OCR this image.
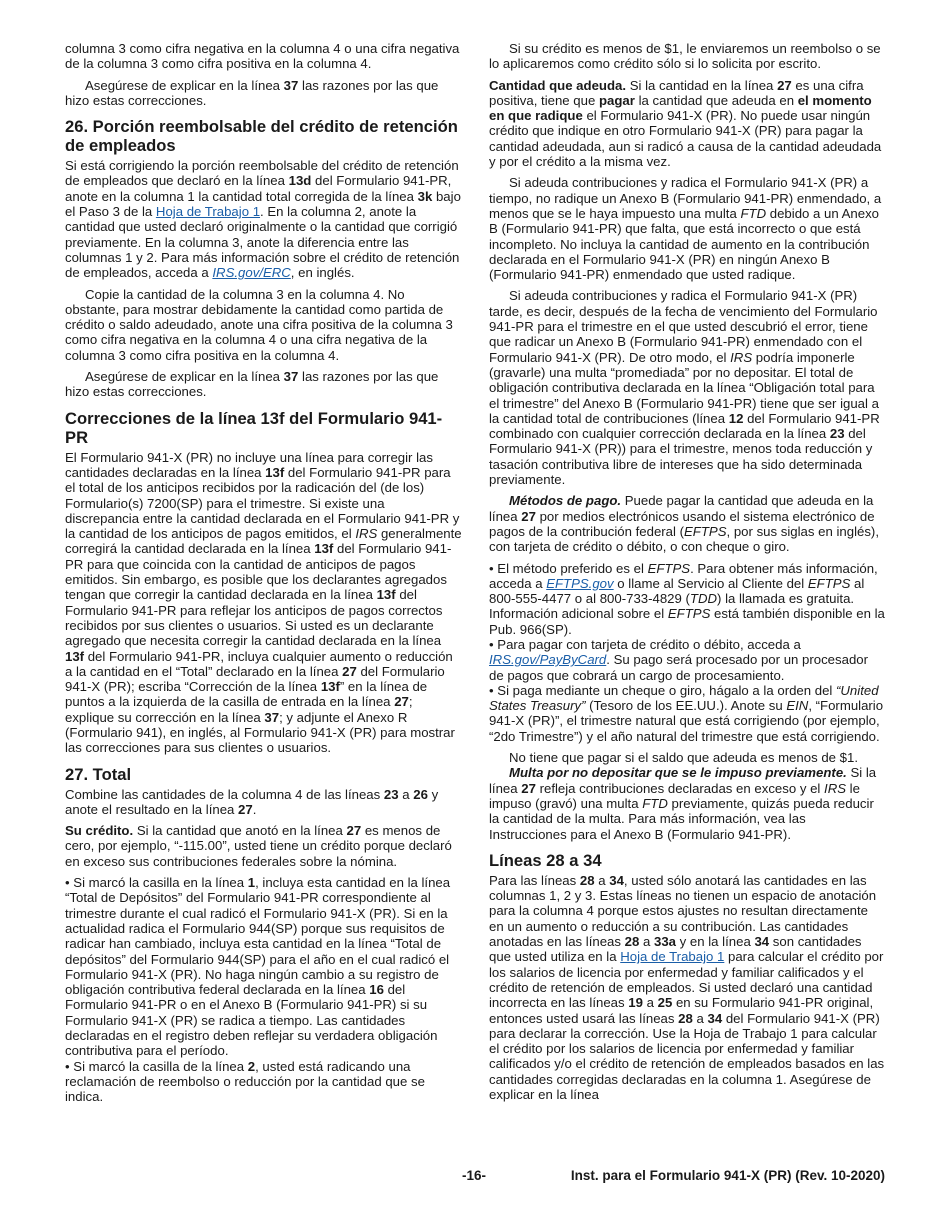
columna 3 como cifra negativa en la columna 4 o una cifra negativa de la columna 3 como cifra positiva en la columna 4.

Asegúrese de explicar en la línea 37 las razones por las que hizo estas correcciones.

26. Porción reembolsable del crédito de retención de empleados

Si está corrigiendo la porción reembolsable del crédito de retención de empleados que declaró en la línea 13d del Formulario 941-PR, anote en la columna 1 la cantidad total corregida de la línea 3k bajo el Paso 3 de la Hoja de Trabajo 1. En la columna 2, anote la cantidad que usted declaró originalmente o la cantidad que corrigió previamente. En la columna 3, anote la diferencia entre las columnas 1 y 2. Para más información sobre el crédito de retención de empleados, acceda a IRS.gov/ERC, en inglés.

Copie la cantidad de la columna 3 en la columna 4. No obstante, para mostrar debidamente la cantidad como partida de crédito o saldo adeudado, anote una cifra positiva de la columna 3 como cifra negativa en la columna 4 o una cifra negativa de la columna 3 como cifra positiva en la columna 4.

Asegúrese de explicar en la línea 37 las razones por las que hizo estas correcciones.

Correcciones de la línea 13f del Formulario 941-PR

El Formulario 941-X (PR) no incluye una línea para corregir las cantidades declaradas en la línea 13f del Formulario 941-PR para el total de los anticipos recibidos por la radicación del (de los) Formulario(s) 7200(SP) para el trimestre. Si existe una discrepancia entre la cantidad declarada en el Formulario 941-PR y la cantidad de los anticipos de pagos emitidos, el IRS generalmente corregirá la cantidad declarada en la línea 13f del Formulario 941-PR para que coincida con la cantidad de anticipos de pagos emitidos. Sin embargo, es posible que los declarantes agregados tengan que corregir la cantidad declarada en la línea 13f del Formulario 941-PR para reflejar los anticipos de pagos correctos recibidos por sus clientes o usuarios. Si usted es un declarante agregado que necesita corregir la cantidad declarada en la línea 13f del Formulario 941-PR, incluya cualquier aumento o reducción a la cantidad en el “Total” declarado en la línea 27 del Formulario 941-X (PR); escriba “Corrección de la línea 13f” en la línea de puntos a la izquierda de la casilla de entrada en la línea 27; explique su corrección en la línea 37; y adjunte el Anexo R (Formulario 941), en inglés, al Formulario 941-X (PR) para mostrar las correcciones para sus clientes o usuarios.

27. Total

Combine las cantidades de la columna 4 de las líneas 23 a 26 y anote el resultado en la línea 27.

Su crédito. Si la cantidad que anotó en la línea 27 es menos de cero, por ejemplo, “-115.00”, usted tiene un crédito porque declaró en exceso sus contribuciones federales sobre la nómina.

• Si marcó la casilla en la línea 1, incluya esta cantidad en la línea “Total de Depósitos” del Formulario 941-PR correspondiente al trimestre durante el cual radicó el Formulario 941-X (PR). Si en la actualidad radica el Formulario 944(SP) porque sus requisitos de radicar han cambiado, incluya esta cantidad en la línea “Total de depósitos” del Formulario 944(SP) para el año en el cual radicó el Formulario 941-X (PR). No haga ningún cambio a su registro de obligación contributiva federal declarada en la línea 16 del Formulario 941-PR o en el Anexo B (Formulario 941-PR) si su Formulario 941-X (PR) se radica a tiempo. Las cantidades declaradas en el registro deben reflejar su verdadera obligación contributiva para el período.

• Si marcó la casilla de la línea 2, usted está radicando una reclamación de reembolso o reducción por la cantidad que se indica.

Si su crédito es menos de $1, le enviaremos un reembolso o se lo aplicaremos como crédito sólo si lo solicita por escrito.

Cantidad que adeuda. Si la cantidad en la línea 27 es una cifra positiva, tiene que pagar la cantidad que adeuda en el momento en que radique el Formulario 941-X (PR). No puede usar ningún crédito que indique en otro Formulario 941-X (PR) para pagar la cantidad adeudada, aun si radicó a causa de la cantidad adeudada y por el crédito a la misma vez.

Si adeuda contribuciones y radica el Formulario 941-X (PR) a tiempo, no radique un Anexo B (Formulario 941-PR) enmendado, a menos que se le haya impuesto una multa FTD debido a un Anexo B (Formulario 941-PR) que falta, que está incorrecto o que está incompleto. No incluya la cantidad de aumento en la contribución declarada en el Formulario 941-X (PR) en ningún Anexo B (Formulario 941-PR) enmendado que usted radique.

Si adeuda contribuciones y radica el Formulario 941-X (PR) tarde, es decir, después de la fecha de vencimiento del Formulario 941-PR para el trimestre en el que usted descubrió el error, tiene que radicar un Anexo B (Formulario 941-PR) enmendado con el Formulario 941-X (PR). De otro modo, el IRS podría imponerle (gravarle) una multa “promediada” por no depositar. El total de obligación contributiva declarada en la línea “Obligación total para el trimestre” del Anexo B (Formulario 941-PR) tiene que ser igual a la cantidad total de contribuciones (línea 12 del Formulario 941-PR combinado con cualquier corrección declarada en la línea 23 del Formulario 941-X (PR)) para el trimestre, menos toda reducción y tasación contributiva libre de intereses que ha sido determinada previamente.

Métodos de pago. Puede pagar la cantidad que adeuda en la línea 27 por medios electrónicos usando el sistema electrónico de pagos de la contribución federal (EFTPS, por sus siglas en inglés), con tarjeta de crédito o débito, o con cheque o giro.

• El método preferido es el EFTPS. Para obtener más información, acceda a EFTPS.gov o llame al Servicio al Cliente del EFTPS al 800-555-4477 o al 800-733-4829 (TDD) la llamada es gratuita. Información adicional sobre el EFTPS está también disponible en la Pub. 966(SP).

• Para pagar con tarjeta de crédito o débito, acceda a IRS.gov/PayByCard. Su pago será procesado por un procesador de pagos que cobrará un cargo de procesamiento.

• Si paga mediante un cheque o giro, hágalo a la orden del “United States Treasury” (Tesoro de los EE.UU.). Anote su EIN, “Formulario 941-X (PR)”, el trimestre natural que está corrigiendo (por ejemplo, “2do Trimestre”) y el año natural del trimestre que está corrigiendo.

No tiene que pagar si el saldo que adeuda es menos de $1.

Multa por no depositar que se le impuso previamente. Si la línea 27 refleja contribuciones declaradas en exceso y el IRS le impuso (gravó) una multa FTD previamente, quizás pueda reducir la cantidad de la multa. Para más información, vea las Instrucciones para el Anexo B (Formulario 941-PR).

Líneas 28 a 34

Para las líneas 28 a 34, usted sólo anotará las cantidades en las columnas 1, 2 y 3. Estas líneas no tienen un espacio de anotación para la columna 4 porque estos ajustes no resultan directamente en un aumento o reducción a su contribución. Las cantidades anotadas en las líneas 28 a 33a y en la línea 34 son cantidades que usted utiliza en la Hoja de Trabajo 1 para calcular el crédito por los salarios de licencia por enfermedad y familiar calificados y el crédito de retención de empleados. Si usted declaró una cantidad incorrecta en las líneas 19 a 25 en su Formulario 941-PR original, entonces usted usará las líneas 28 a 34 del Formulario 941-X (PR) para declarar la corrección. Use la Hoja de Trabajo 1 para calcular el crédito por los salarios de licencia por enfermedad y familiar calificados y/o el crédito de retención de empleados basados en las cantidades corregidas declaradas en la columna 1. Asegúrese de explicar en la línea

-16-	Inst. para el Formulario 941-X (PR) (Rev. 10-2020)
